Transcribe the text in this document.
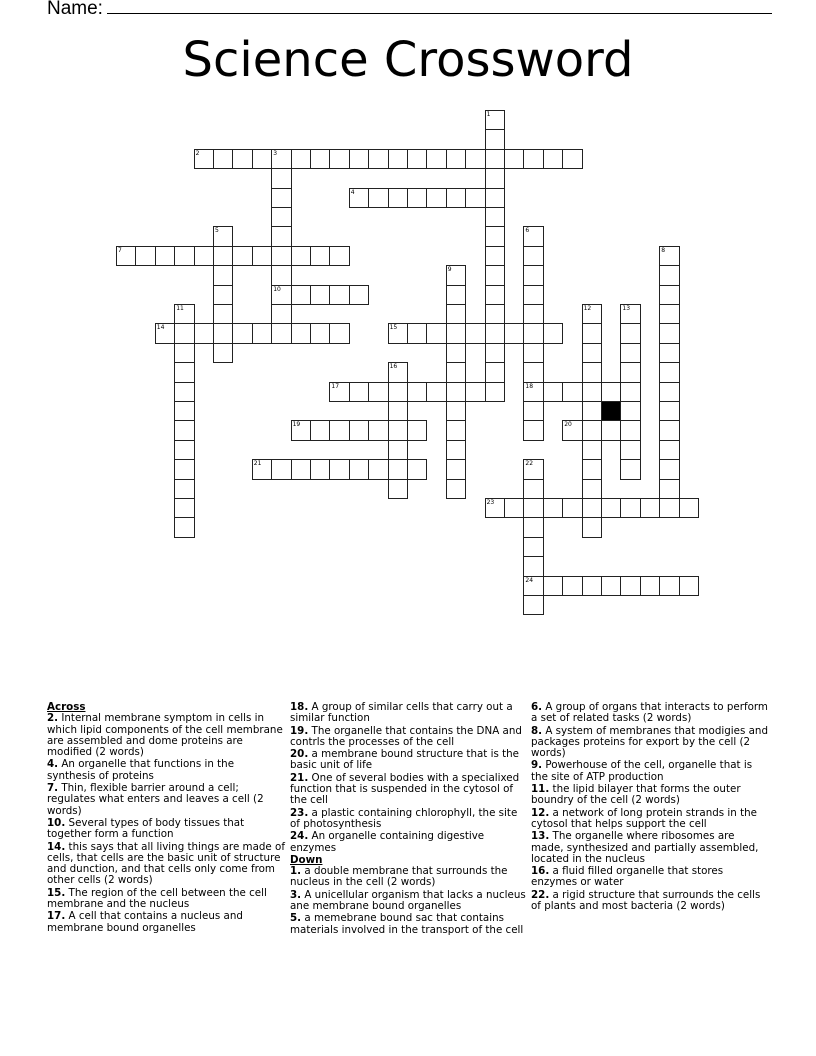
Name:
Science Crossword
1
2	3
10
4
5	6
18
7	8
9
11	12	13
14	15
16
17
19	20
21	22
24
23
Across
2. Internal membrane symptom in cells in which lipid components of the cell membrane are assembled and dome proteins are modified (2 words)
4. An organelle that functions in the synthesis of proteins
7. Thin, flexible barrier around a cell; regulates what enters and leaves a cell (2 words)
10. Several types of body tissues that together form a function
14. this says that all living things are made of cells, that cells are the basic unit of structure and dunction, and that cells only come from other cells (2 words)
15. The region of the cell between the cell membrane and the nucleus
17. A cell that contains a nucleus and membrane bound organelles
18. A group of similar cells that carry out a similar function
19. The organelle that contains the DNA and contrls the processes of the cell
20. a membrane bound structure that is the basic unit of life
21. One of several bodies with a specialixed function that is suspended in the cytosol of the cell
23. a plastic containing chlorophyll, the site of photosynthesis
24. An organelle containing digestive enzymes
Down
1. a double membrane that surrounds the nucleus in the cell (2 words)
3. A unicellular organism that lacks a nucleus ane membrane bound organelles
5. a memebrane bound sac that contains materials involved in the transport of the cell
6. A group of organs that interacts to perform a set of related tasks (2 words)
8. A system of membranes that modigies and packages proteins for export by the cell (2 words)
9. Powerhouse of the cell, organelle that is the site of ATP production
11. the lipid bilayer that forms the outer boundry of the cell (2 words)
12. a network of long protein strands in the cytosol that helps support the cell
13. The organelle where ribosomes are made, synthesized and partially assembled, located in the nucleus
16. a fluid filled organelle that stores enzymes or water
22. a rigid structure that surrounds the cells of plants and most bacteria (2 words)
